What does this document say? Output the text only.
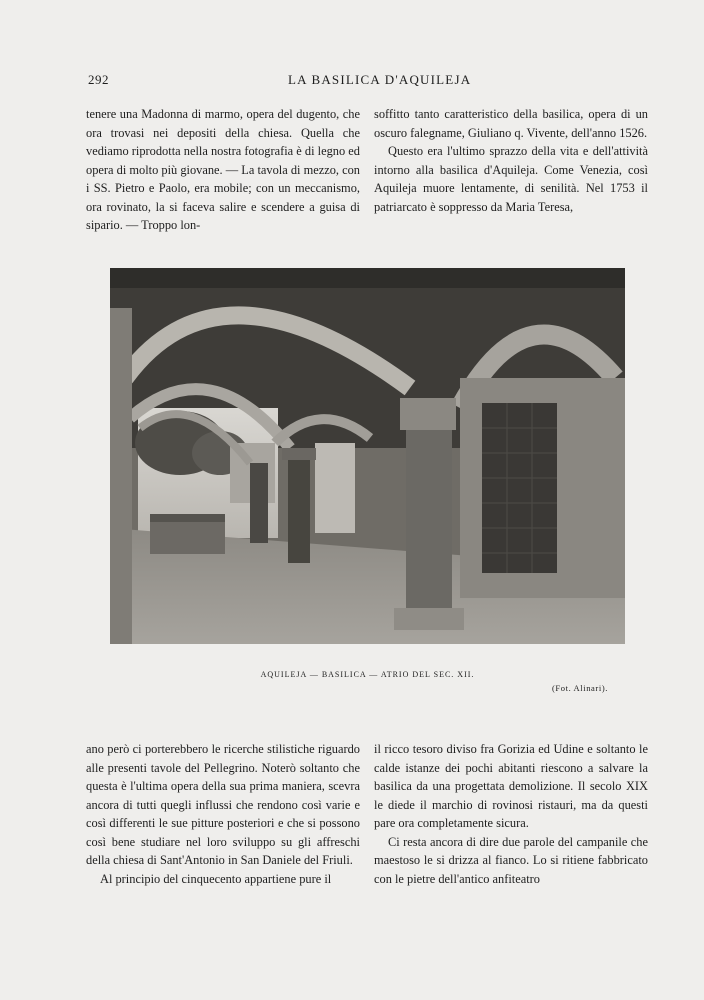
292	LA BASILICA D'AQUILEJA

tenere una Madonna di marmo, opera del dugento, che ora trovasi nei depositi della chiesa. Quella che vediamo riprodotta nella nostra fotografia è di legno ed opera di molto più giovane. — La tavola di mezzo, con i SS. Pietro e Paolo, era mobile; con un meccanismo, ora rovinato, la si faceva salire e scendere a guisa di sipario. — Troppo lon-

soffitto tanto caratteristico della basilica, opera di un oscuro falegname, Giuliano q. Vivente, dell'anno 1526.

Questo era l'ultimo sprazzo della vita e dell'attività intorno alla basilica d'Aquileja. Come Venezia, così Aquileja muore lentamente, di senilità. Nel 1753 il patriarcato è soppresso da Maria Teresa,

AQUILEJA — BASILICA — ATRIO DEL SEC. XII.
(Fot. Alinari).

ano però ci porterebbero le ricerche stilistiche riguardo alle presenti tavole del Pellegrino. Noterò soltanto che questa è l'ultima opera della sua prima maniera, scevra ancora di tutti quegli influssi che rendono così varie e così differenti le sue pitture posteriori e che si possono così bene studiare nel loro sviluppo su gli affreschi della chiesa di Sant'Antonio in San Daniele del Friuli.

Al principio del cinquecento appartiene pure il

il ricco tesoro diviso fra Gorizia ed Udine e soltanto le calde istanze dei pochi abitanti riescono a salvare la basilica da una progettata demolizione. Il secolo XIX le diede il marchio di rovinosi ristauri, ma da questi pare ora completamente sicura.

Ci resta ancora di dire due parole del campanile che maestoso le si drizza al fianco. Lo si ritiene fabbricato con le pietre dell'antico anfiteatro
